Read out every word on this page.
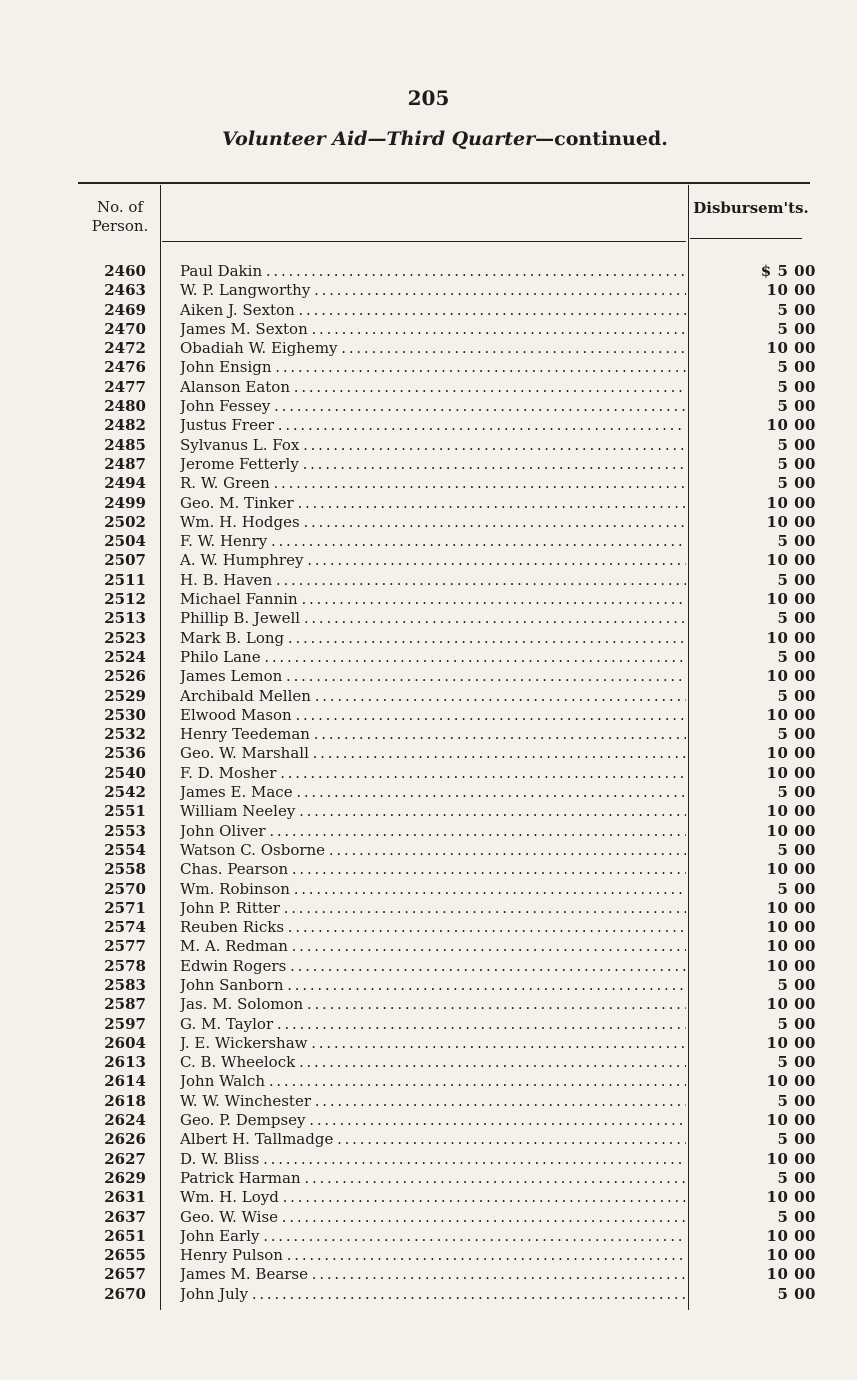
205
Volunteer Aid—Third Quarter—continued.
No. of Person.
Disbursem'ts.
2460 Paul Dakin . . .	$ 5 00
2463 W. P. Langworthy . . .	10 00
2469 Aiken J. Sexton . . .	5 00
2470 James M. Sexton . . .	5 00
2472 Obadiah W. Eighemy . . .	10 00
2476 John Ensign . . .	5 00
2477 Alanson Eaton . . .	5 00
2480 John Fessey . . .	5 00
2482 Justus Freer . . .	10 00
2485 Sylvanus L. Fox . . .	5 00
2487 Jerome Fetterly . . .	5 00
2494 R. W. Green . . .	5 00
2499 Geo. M. Tinker . . .	10 00
2502 Wm. H. Hodges . . .	10 00
2504 F. W. Henry . . .	5 00
2507 A. W. Humphrey . . .	10 00
2511 H. B. Haven . . .	5 00
2512 Michael Fannin . . .	10 00
2513 Phillip B. Jewell . . .	5 00
2523 Mark B. Long . . .	10 00
2524 Philo Lane . . .	5 00
2526 James Lemon . . .	10 00
2529 Archibald Mellen . . .	5 00
2530 Elwood Mason . . .	10 00
2532 Henry Teedeman . . .	5 00
2536 Geo. W. Marshall . . .	10 00
2540 F. D. Mosher . . .	10 00
2542 James E. Mace . . .	5 00
2551 William Neeley . . .	10 00
2553 John Oliver . . .	10 00
2554 Watson C. Osborne . . .	5 00
2558 Chas. Pearson . . .	10 00
2570 Wm. Robinson . . .	5 00
2571 John P. Ritter . . .	10 00
2574 Reuben Ricks . . .	10 00
2577 M. A. Redman . . .	10 00
2578 Edwin Rogers . . .	10 00
2583 John Sanborn . . .	5 00
2587 Jas. M. Solomon . . .	10 00
2597 G. M. Taylor . . .	5 00
2604 J. E. Wickershaw . . .	10 00
2613 C. B. Wheelock . . .	5 00
2614 John Walch . . .	10 00
2618 W. W. Winchester . . .	5 00
2624 Geo. P. Dempsey . . .	10 00
2626 Albert H. Tallmadge . . .	5 00
2627 D. W. Bliss . . .	10 00
2629 Patrick Harman . . .	5 00
2631 Wm. H. Loyd . . .	10 00
2637 Geo. W. Wise . . .	5 00
2651 John Early . . .	10 00
2655 Henry Pulson . . .	10 00
2657 James M. Bearse . . .	10 00
2670 John July . . .	5 00
